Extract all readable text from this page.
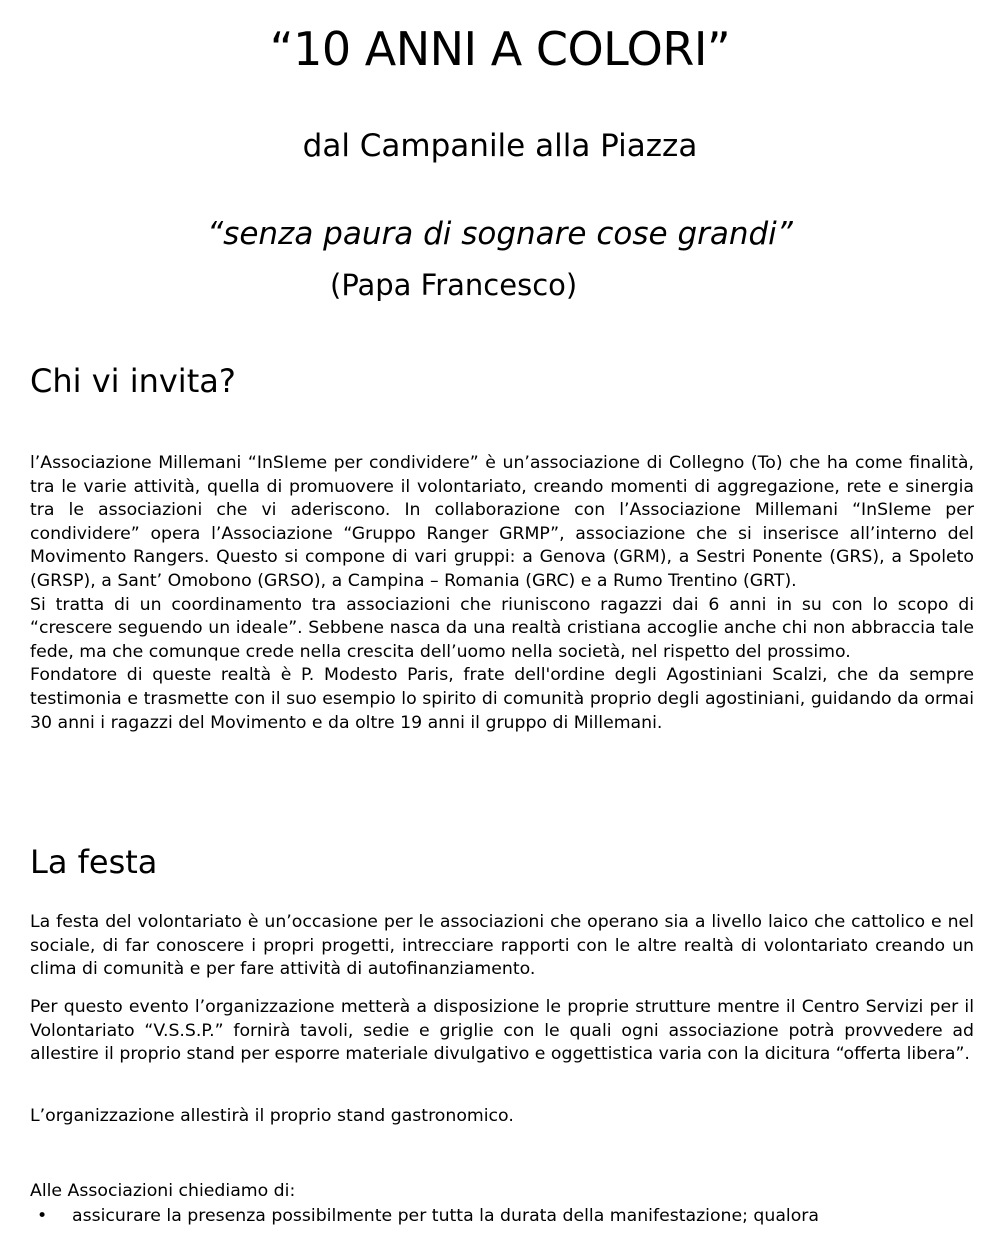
“10 ANNI A COLORI”
dal Campanile alla Piazza
“senza paura di sognare cose grandi”
(Papa Francesco)
Chi vi invita?
l’Associazione Millemani “InSIeme per condividere” è un’associazione di Collegno (To) che ha come finalità, tra le varie attività, quella di promuovere il volontariato, creando momenti di aggregazione, rete e sinergia tra le associazioni che vi aderiscono. In collaborazione con l’Associazione Millemani “InSIeme per condividere” opera l’Associazione “Gruppo Ranger GRMP”, associazione che si inserisce all’interno del Movimento Rangers. Questo si compone di vari gruppi: a Genova (GRM), a Sestri Ponente (GRS), a Spoleto (GRSP), a Sant’ Omobono (GRSO), a Campina – Romania (GRC) e a Rumo Trentino (GRT).
Si tratta di un coordinamento tra associazioni che riuniscono ragazzi dai 6 anni in su con lo scopo di “crescere seguendo un ideale”. Sebbene nasca da una realtà cristiana accoglie anche chi non abbraccia tale fede, ma che comunque crede nella crescita dell’uomo nella società, nel rispetto del prossimo.
Fondatore di queste realtà è P. Modesto Paris, frate dell'ordine degli Agostiniani Scalzi, che da sempre testimonia e trasmette con il suo esempio lo spirito di comunità proprio degli agostiniani, guidando da ormai 30 anni i ragazzi del Movimento e da oltre 19 anni il gruppo di Millemani.
La festa
La festa del volontariato è un’occasione per le associazioni che operano sia a livello laico che cattolico e nel sociale, di far conoscere i propri progetti, intrecciare rapporti con le altre realtà di volontariato creando un clima di comunità e per fare attività di autofinanziamento.
Per questo evento l’organizzazione metterà a disposizione le proprie strutture mentre il Centro Servizi per il Volontariato “V.S.S.P.” fornirà tavoli, sedie e griglie con le quali ogni associazione potrà provvedere ad allestire il proprio stand per esporre materiale divulgativo e oggettistica varia con la dicitura “offerta libera”.
L’organizzazione allestirà il proprio stand gastronomico.
Alle Associazioni chiediamo di:
• assicurare la presenza possibilmente per tutta la durata della manifestazione; qualora
